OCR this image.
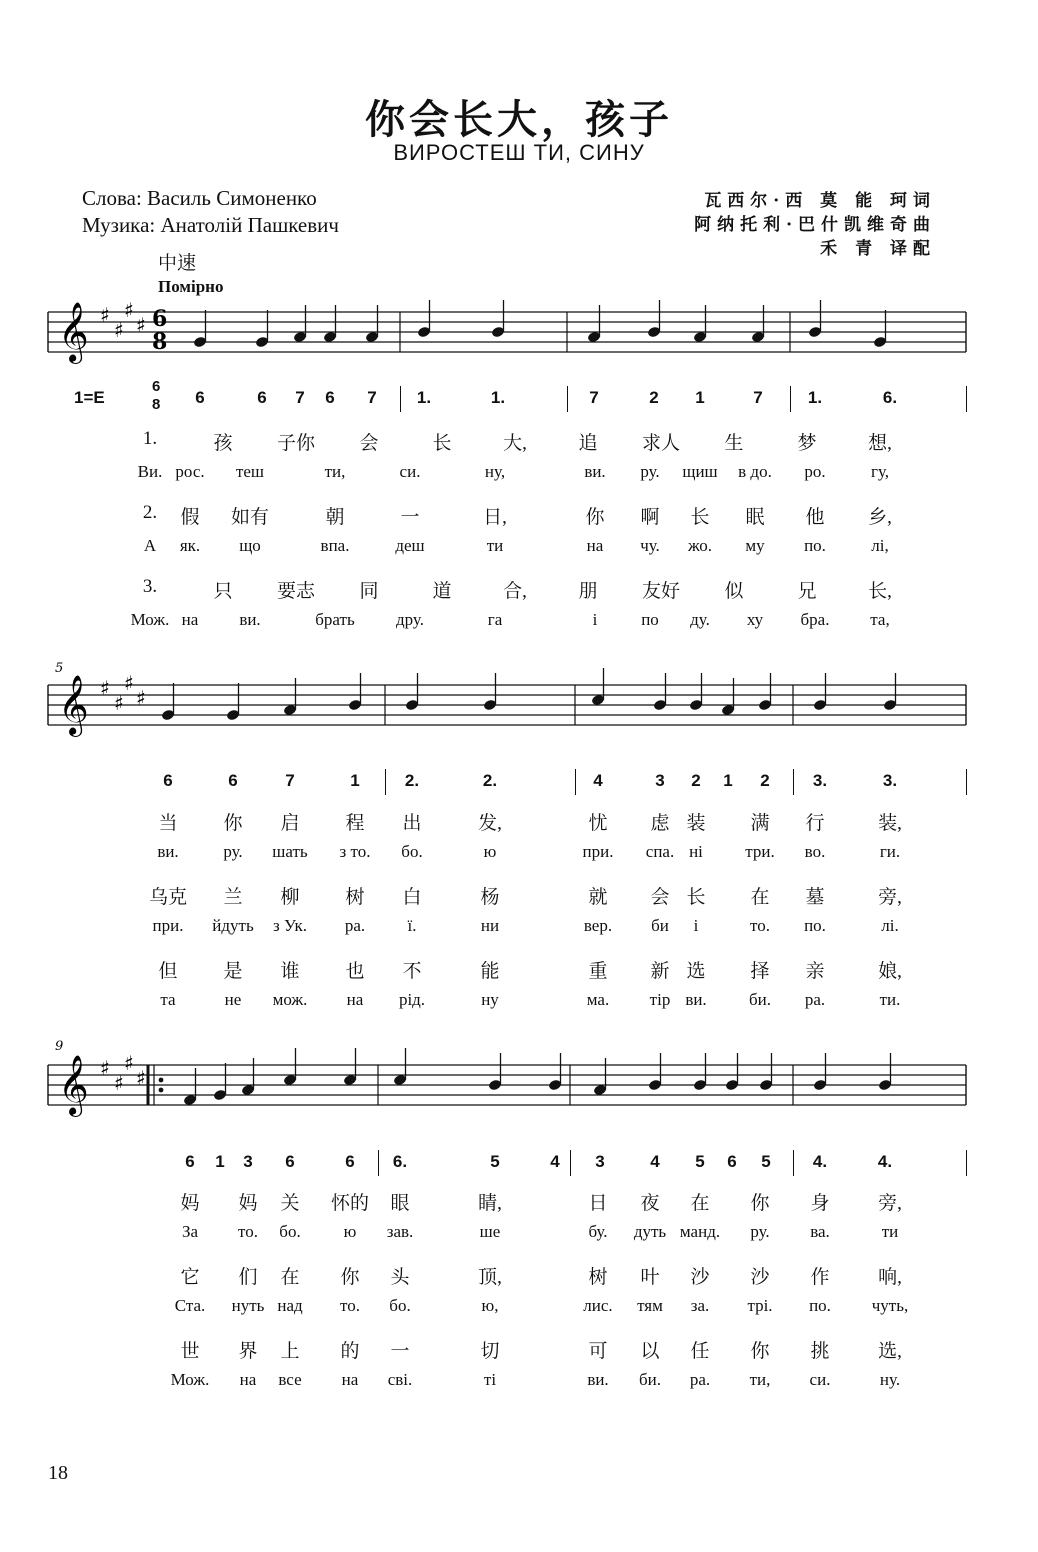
你会长大，孩子
ВИРОСТЕШ ТИ, СИНУ
Слова: Василь Симоненко
Музика: Анатолій Пашкевич
瓦西尔·西 莫 能 珂词
阿纳托利·巴什凯维奇曲
禾 青 译配
中速
Помірно
𝄞 ♯
♯
♯
♯
𝄞 ♯
♯
♯
♯
𝄞 ♯
♯
♯
♯
6
8
5
9
1=E
6
8 6	6 7 6 7 1.	1.	7	2 1	7	1.	6.
1.	孩 子你 会	长	大,	追 求人 生	梦	想,
Ви. рос. теш	ти,	си.	ну,	ви. ру. щиш в до. ро.	гу,
2. 假 如有	朝	一	日,	你 啊 长 眠 他 乡,
А як. що	впа.	деш	ти	на чу. жо. му по.	лі,
3.	只 要志 同	道	合,	朋 友好 似	兄	长,
Мож. на ви.	брать дру.	га	і	по ду. ху бра. та,
6	6	7	1	2.	2.	4	3 2 1 2	3.	3.
当 你 启 程 出	发,	忧 虑 装 满 行	装,
ви.	ру. шать з то. бо.	ю	при. спа. ні три. во.	ги.
乌克 兰 柳 树 白	杨	就 会 长 在 墓	旁,
при. йдуть з Ук. ра. ї.	ни	вер. би і	то. по.	лі.
但 是 谁 也 不	能	重 新 选 择 亲	娘,
та	не мож. на рід.	ну	ма. тір ви. би. ра.	ти.
6 1 3 6	6 6.	5	4 3	4 5 6 5 4.	4.
妈 妈 关 怀的 眼	睛,	日 夜 在 你 身	旁,
За то. бо.	ю зав.	ше	бу. дуть манд. ру. ва.	ти
它 们 在 你 头	顶,	树 叶 沙 沙 作	响,
Ста. нуть над то. бо.	ю,	лис. тям за. трі. по. чуть,
世 界 上 的 一	切	可 以 任 你 挑	选,
Мож. на все на сві.	ті	ви. би. ра. ти, си.	ну.
18
